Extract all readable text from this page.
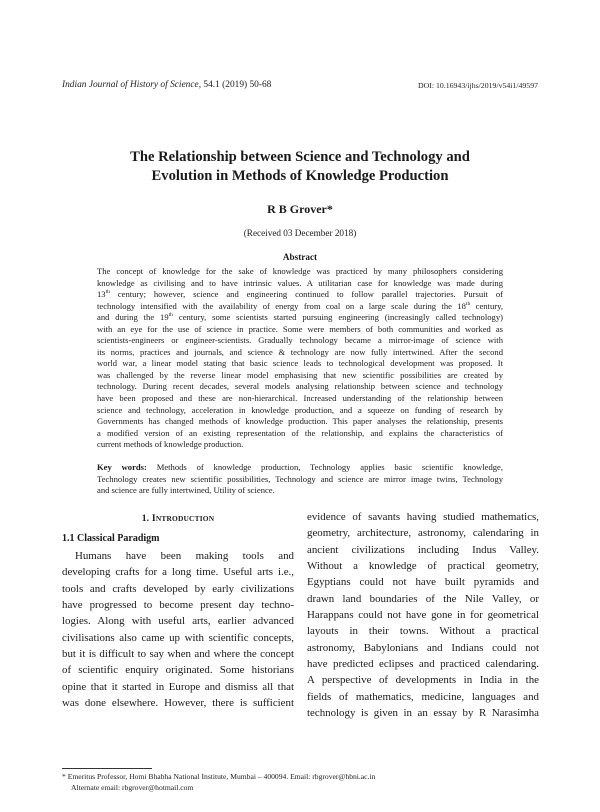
Indian Journal of History of Science, 54.1 (2019) 50-68	DOI: 10.16943/ijhs/2019/v54i1/49597
The Relationship between Science and Technology and
Evolution in Methods of Knowledge Production
R B Grover*
(Received 03 December 2018)
Abstract
The concept of knowledge for the sake of knowledge was practiced by many philosophers considering
knowledge as civilising and to have intrinsic values. A utilitarian case for knowledge was made during
13th century; however, science and engineering continued to follow parallel trajectories. Pursuit of
technology intensified with the availability of energy from coal on a large scale during the 18th century,
and during the 19th century, some scientists started pursuing engineering (increasingly called technology)
with an eye for the use of science in practice. Some were members of both communities and worked as
scientists-engineers or engineer-scientists. Gradually technology became a mirror-image of science with
its norms, practices and journals, and science & technology are now fully intertwined. After the second
world war, a linear model stating that basic science leads to technological development was proposed. It
was challenged by the reverse linear model emphasising that new scientific possibilities are created by
technology. During recent decades, several models analysing relationship between science and technology
have been proposed and these are non-hierarchical. Increased understanding of the relationship between
science and technology, acceleration in knowledge production, and a squeeze on funding of research by
Governments has changed methods of knowledge production. This paper analyses the relationship, presents
a modified version of an existing representation of the relationship, and explains the characteristics of
current methods of knowledge production.
Key words: Methods of knowledge production, Technology applies basic scientific knowledge,
Technology creates new scientific possibilities, Technology and science are mirror image twins, Technology
and science are fully intertwined, Utility of science.
1. INTRODUCTION
1.1 Classical Paradigm
Humans have been making tools and
developing crafts for a long time. Useful arts i.e.,
tools and crafts developed by early civilizations
have progressed to become present day techno-
logies. Along with useful arts, earlier advanced
civilisations also came up with scientific concepts,
but it is difficult to say when and where the concept
of scientific enquiry originated. Some historians
opine that it started in Europe and dismiss all that
was done elsewhere. However, there is sufficient
evidence of savants having studied mathematics,
geometry, architecture, astronomy, calendaring in
ancient civilizations including Indus Valley.
Without a knowledge of practical geometry,
Egyptians could not have built pyramids and
drawn land boundaries of the Nile Valley, or
Harappans could not have gone in for geometrical
layouts in their towns. Without a practical
astronomy, Babylonians and Indians could not
have predicted eclipses and practiced calendaring.
A perspective of developments in India in the
fields of mathematics, medicine, languages and
technology is given in an essay by R Narasimha
* Emeritus Professor, Homi Bhabha National Institute, Mumbai – 400094. Email: rbgrover@hbni.ac.in
Alternate email: rbgrover@hotmail.com
